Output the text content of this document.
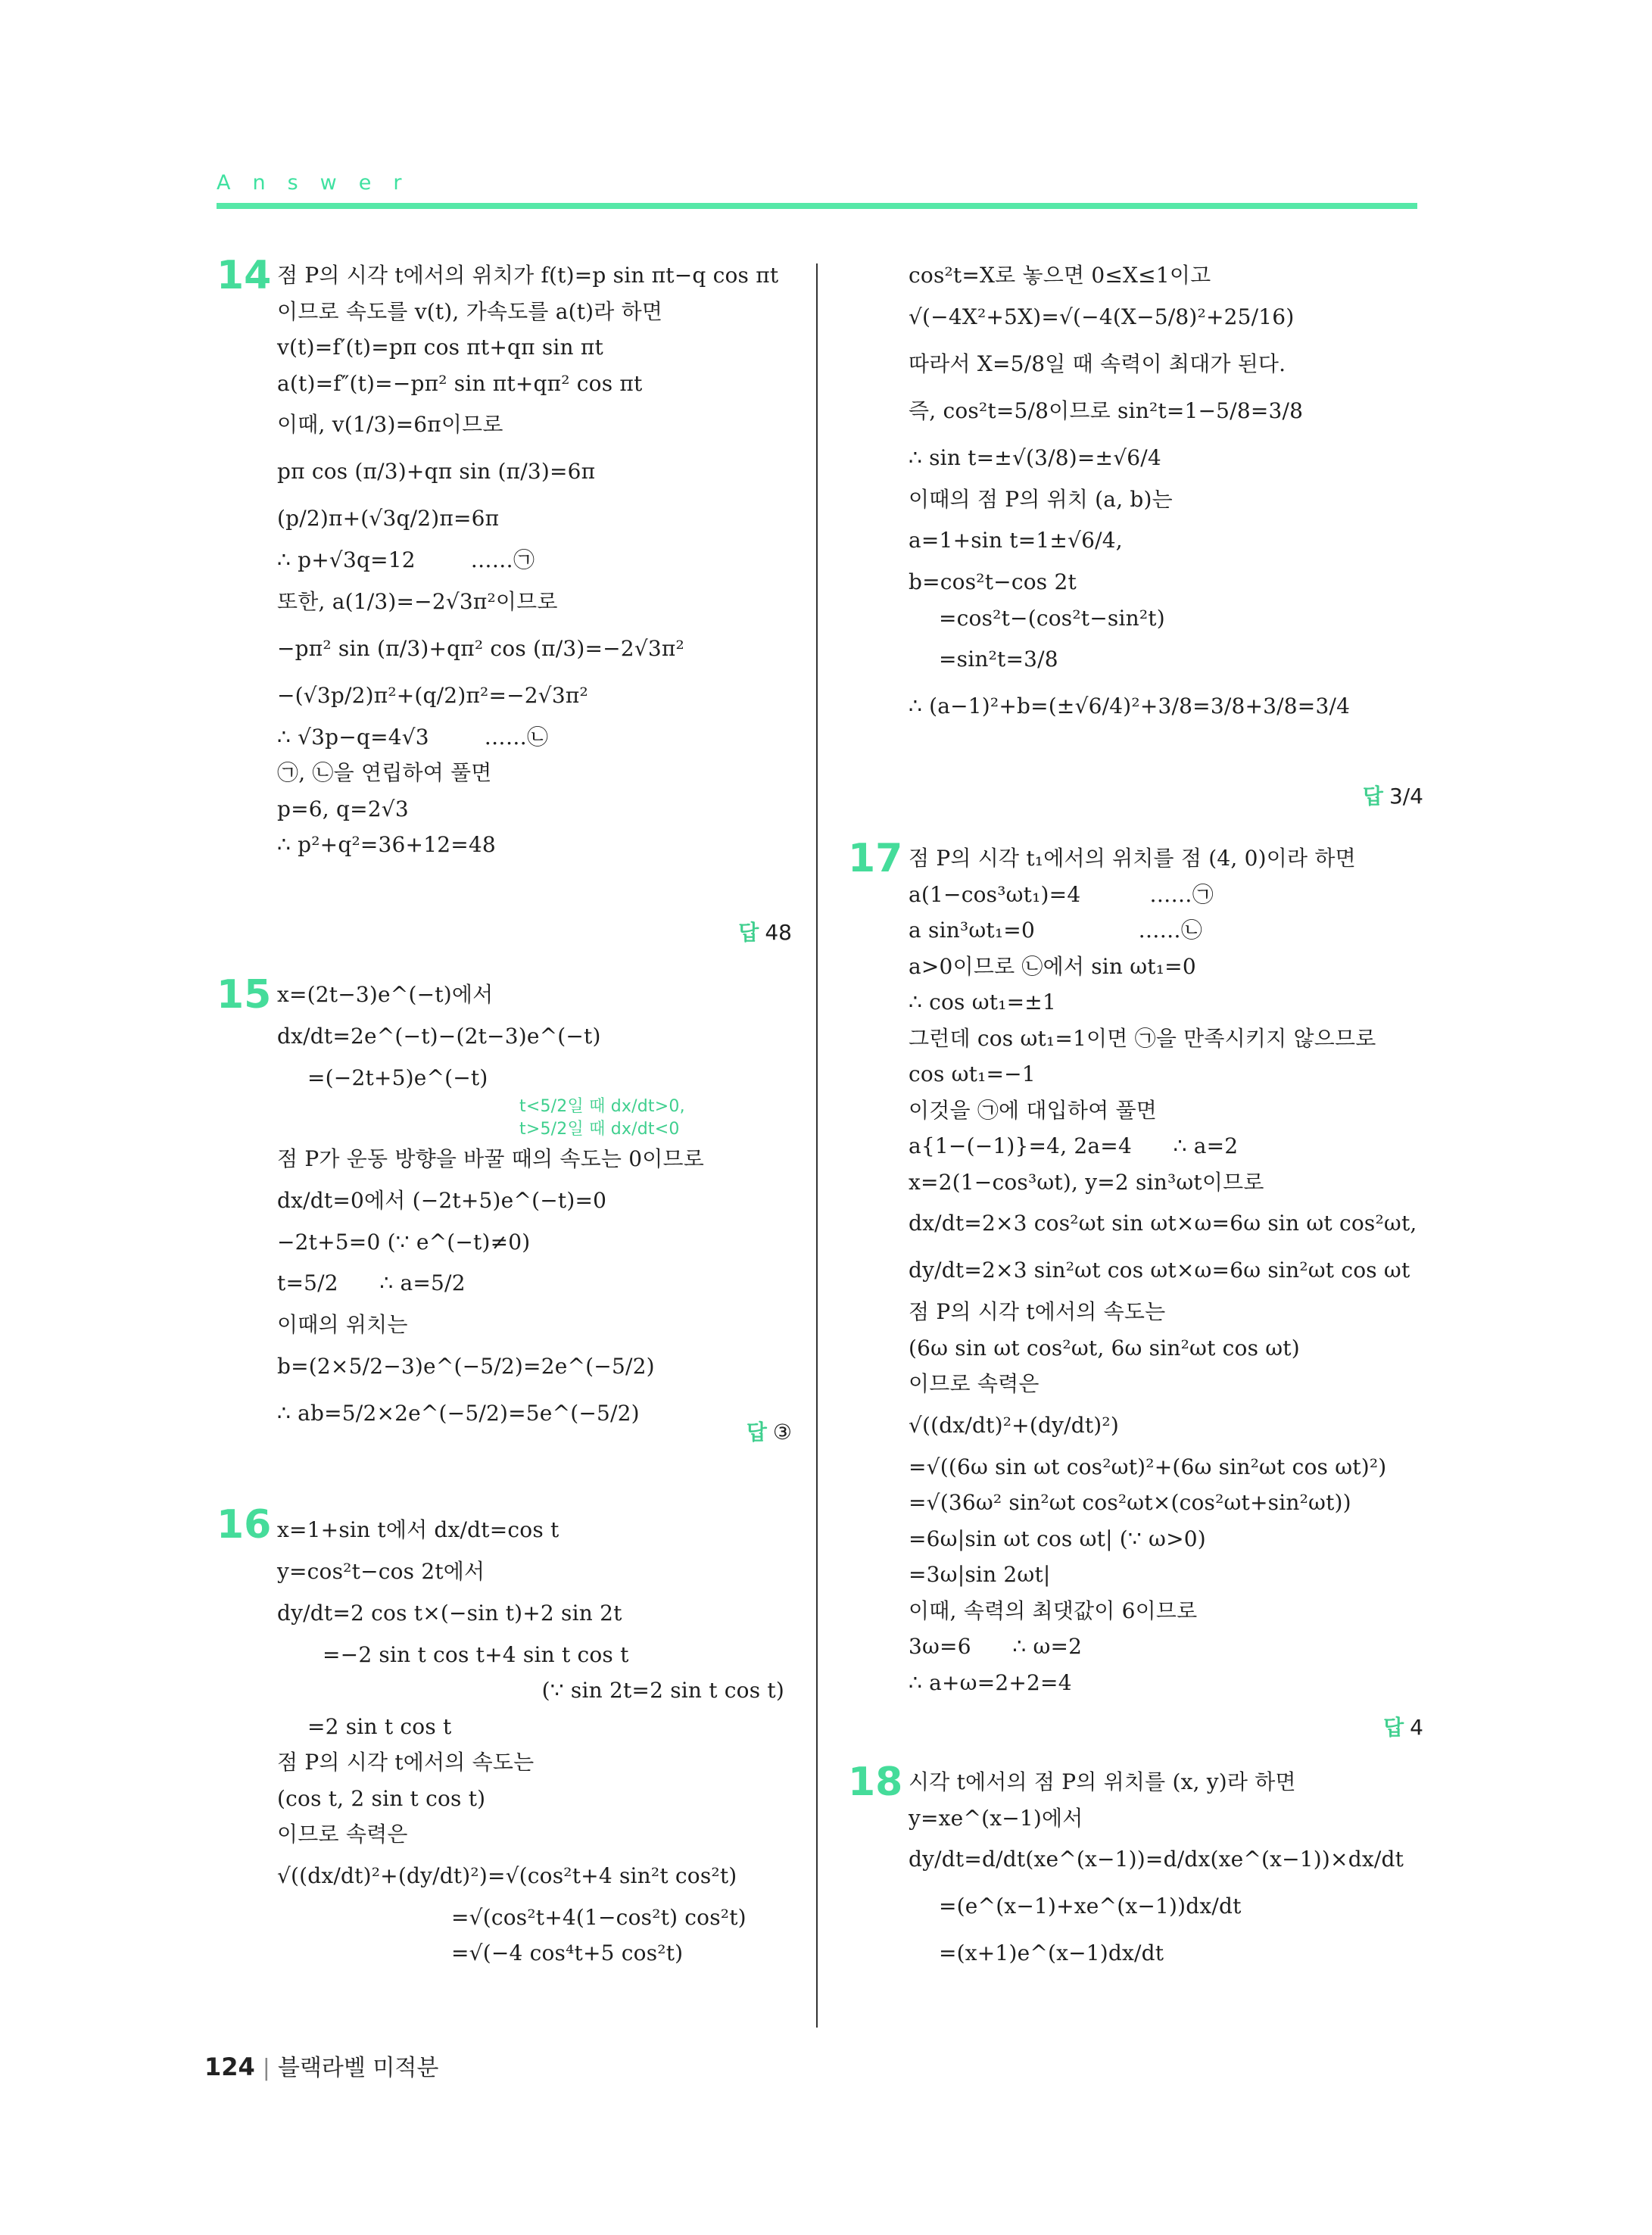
Answer
14 점 P의 시각 t에서의 위치가 f(t)=p sin πt−q cos πt
이므로 속도를 v(t), 가속도를 a(t)라 하면
v(t)=f′(t)=pπ cos πt+qπ sin πt
a(t)=f″(t)=−pπ² sin πt+qπ² cos πt
이때, v(1/3)=6π이므로
pπ cos (π/3)+qπ sin (π/3)=6π
(p/2)π+(√3q/2)π=6π
∴ p+√3q=12        ……㉠
또한, a(1/3)=−2√3π²이므로
−pπ² sin (π/3)+qπ² cos (π/3)=−2√3π²
−(√3p/2)π²+(q/2)π²=−2√3π²
∴ √3p−q=4√3        ……㉡
㉠, ㉡을 연립하여 풀면
p=6, q=2√3
∴ p²+q²=36+12=48
답 48
15 x=(2t−3)e^(−t)에서
dx/dt=2e^(−t)−(2t−3)e^(−t)
=(−2t+5)e^(−t)
t<5/2일 때 dx/dt>0,
t>5/2일 때 dx/dt<0
점 P가 운동 방향을 바꿀 때의 속도는 0이므로
dx/dt=0에서 (−2t+5)e^(−t)=0
−2t+5=0 (∵ e^(−t)≠0)
t=5/2      ∴ a=5/2
이때의 위치는
b=(2×5/2−3)e^(−5/2)=2e^(−5/2)
∴ ab=5/2×2e^(−5/2)=5e^(−5/2)
답 ③
16 x=1+sin t에서 dx/dt=cos t
y=cos²t−cos 2t에서
dy/dt=2 cos t×(−sin t)+2 sin 2t
=−2 sin t cos t+4 sin t cos t
(∵ sin 2t=2 sin t cos t)
=2 sin t cos t
점 P의 시각 t에서의 속도는
(cos t, 2 sin t cos t)
이므로 속력은
√((dx/dt)²+(dy/dt)²)=√(cos²t+4 sin²t cos²t)
=√(cos²t+4(1−cos²t) cos²t)
=√(−4 cos⁴t+5 cos²t)
cos²t=X로 놓으면 0≤X≤1이고
√(−4X²+5X)=√(−4(X−5/8)²+25/16)
따라서 X=5/8일 때 속력이 최대가 된다.
즉, cos²t=5/8이므로 sin²t=1−5/8=3/8
∴ sin t=±√(3/8)=±√6/4
이때의 점 P의 위치 (a, b)는
a=1+sin t=1±√6/4,
b=cos²t−cos 2t
=cos²t−(cos²t−sin²t)
=sin²t=3/8
∴ (a−1)²+b=(±√6/4)²+3/8=3/8+3/8=3/4
답 3/4
17 점 P의 시각 t₁에서의 위치를 점 (4, 0)이라 하면
a(1−cos³ωt₁)=4          ……㉠
a sin³ωt₁=0               ……㉡
a>0이므로 ㉡에서 sin ωt₁=0
∴ cos ωt₁=±1
그런데 cos ωt₁=1이면 ㉠을 만족시키지 않으므로
cos ωt₁=−1
이것을 ㉠에 대입하여 풀면
a{1−(−1)}=4, 2a=4      ∴ a=2
x=2(1−cos³ωt), y=2 sin³ωt이므로
dx/dt=2×3 cos²ωt sin ωt×ω=6ω sin ωt cos²ωt,
dy/dt=2×3 sin²ωt cos ωt×ω=6ω sin²ωt cos ωt
점 P의 시각 t에서의 속도는
(6ω sin ωt cos²ωt, 6ω sin²ωt cos ωt)
이므로 속력은
√((dx/dt)²+(dy/dt)²)
=√((6ω sin ωt cos²ωt)²+(6ω sin²ωt cos ωt)²)
=√(36ω² sin²ωt cos²ωt×(cos²ωt+sin²ωt))
=6ω|sin ωt cos ωt| (∵ ω>0)
=3ω|sin 2ωt|
이때, 속력의 최댓값이 6이므로
3ω=6      ∴ ω=2
∴ a+ω=2+2=4
답 4
18 시각 t에서의 점 P의 위치를 (x, y)라 하면
y=xe^(x−1)에서
dy/dt=d/dt(xe^(x−1))=d/dx(xe^(x−1))×dx/dt
=(e^(x−1)+xe^(x−1))dx/dt
=(x+1)e^(x−1)dx/dt
124 | 블랙라벨 미적분
